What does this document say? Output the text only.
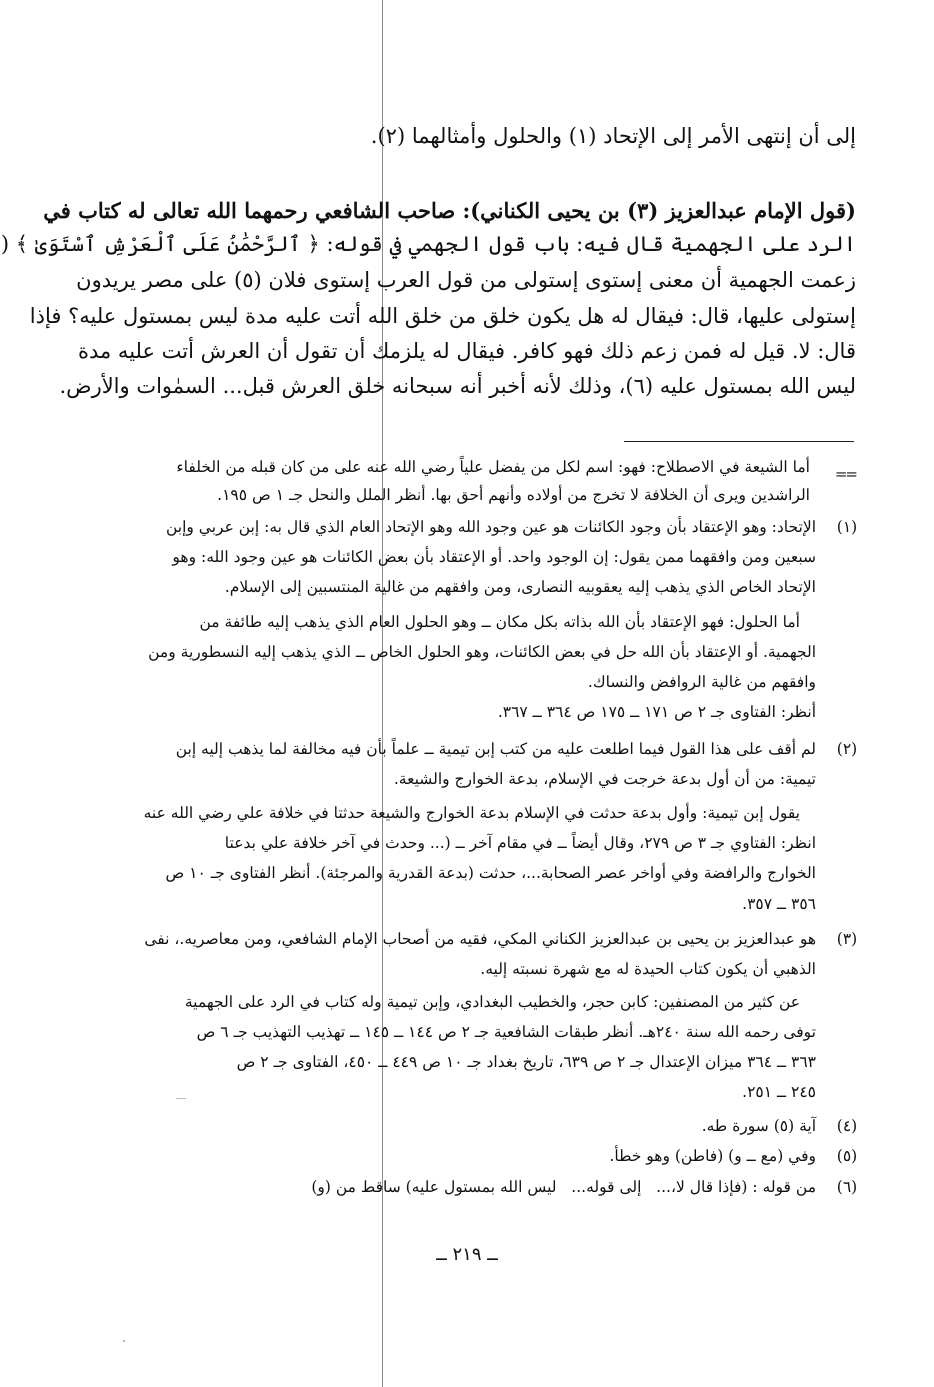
إلى أن إنتهى الأمر إلى الإتحاد (١) والحلول وأمثالهما (٢).
(قول الإمام عبدالعزيز (٣) بن يحيى الكناني): صاحب الشافعي رحمهما الله تعالى له كتاب في
الرد على الجهمية قال فيه: باب قول الجهمي في قوله: ﴿ ٱلرَّحْمَٰنُ عَلَى ٱلْعَرْشِ ٱسْتَوَىٰ ﴾ (
زعمت الجهمية أن معنى إستوى إستولى من قول العرب إستوى فلان (٥) على مصر يريدون
إستولى عليها، قال: فيقال له هل يكون خلق من خلق الله أتت عليه مدة ليس بمستول عليه؟ فإذا
قال: لا. قيل له فمن زعم ذلك فهو كافر. فيقال له يلزمك أن تقول أن العرش أتت عليه مدة
ليس الله بمستول عليه (٦)، وذلك لأنه أخبر أنه سبحانه خلق العرش قبل... السمٰوات والأرض.
==
أما الشيعة في الاصطلاح: فهو: اسم لكل من يفضل علياً رضي الله عنه على من كان قبله من الخلفاء
الراشدين ويرى أن الخلافة لا تخرج من أولاده وأنهم أحق بها. أنظر الملل والنحل جـ ١ ص ١٩٥.
(١)
الإتحاد: وهو الإعتقاد بأن وجود الكائنات هو عين وجود الله وهو الإتحاد العام الذي قال به: إبن عربي وإبن
سبعين ومن وافقهما ممن يقول: إن الوجود واحد. أو الإعتقاد بأن بعض الكائنات هو عين وجود الله: وهو
الإتحاد الخاص الذي يذهب إليه يعقوبيه النصارى، ومن وافقهم من غالية المنتسبين إلى الإسلام.
أما الحلول: فهو الإعتقاد بأن الله بذاته بكل مكان ــ وهو الحلول العام الذي يذهب إليه طائفة من
الجهمية. أو الإعتقاد بأن الله حل في بعض الكائنات، وهو الحلول الخاص ــ الذي يذهب إليه النسطورية ومن
وافقهم من غالية الروافض والنساك.
أنظر: الفتاوى جـ ٢ ص ١٧١ ــ ١٧٥ ص ٣٦٤ ــ ٣٦٧.
(٢)
لم أقف على هذا القول فيما اطلعت عليه من كتب إبن تيمية ــ علماً بأن فيه مخالفة لما يذهب إليه إبن
تيمية: من أن أول بدعة خرجت في الإسلام، بدعة الخوارج والشيعة.
يقول إبن تيمية: وأول بدعة حدثت في الإسلام بدعة الخوارج والشيعة حدثتا في خلافة علي رضي الله عنه
انظر: الفتاوي جـ ٣ ص ٢٧٩، وقال أيضاً ــ في مقام آخر ــ (... وحدث في آخر خلافة علي بدعتا
الخوارج والرافضة وفي أواخر عصر الصحابة...، حدثت (بدعة القدرية والمرجئة). أنظر الفتاوى جـ ١٠ ص
٣٥٦ ــ ٣٥٧.
(٣)
هو عبدالعزيز بن يحيى بن عبدالعزيز الكناني المكي، فقيه من أصحاب الإمام الشافعي، ومن معاصريه.، نفى
الذهبي أن يكون كتاب الحيدة له مع شهرة نسبته إليه.
عن كثير من المصنفين: كابن حجر، والخطيب البغدادي، وإبن تيمية وله كتاب في الرد على الجهمية
توفى رحمه الله سنة ٢٤٠هـ. أنظر طبقات الشافعية جـ ٢ ص ١٤٤ ــ ١٤٥ ــ تهذيب التهذيب جـ ٦ ص
٣٦٣ ــ ٣٦٤ ميزان الإعتدال جـ ٢ ص ٦٣٩، تاريخ بغداد جـ ١٠ ص ٤٤٩ ــ ٤٥٠، الفتاوى جـ ٢ ص
٢٤٥ ــ ٢٥١.
(٤)
آية (٥) سورة طه.
(٥)
وفي (مع ــ و) (فاطن) وهو خطأ.
(٦)
من قوله : (فإذا قال لا،...   إلى قوله...   ليس الله بمستول عليه) ساقط من (و)
ــ ٢١٩ ــ
